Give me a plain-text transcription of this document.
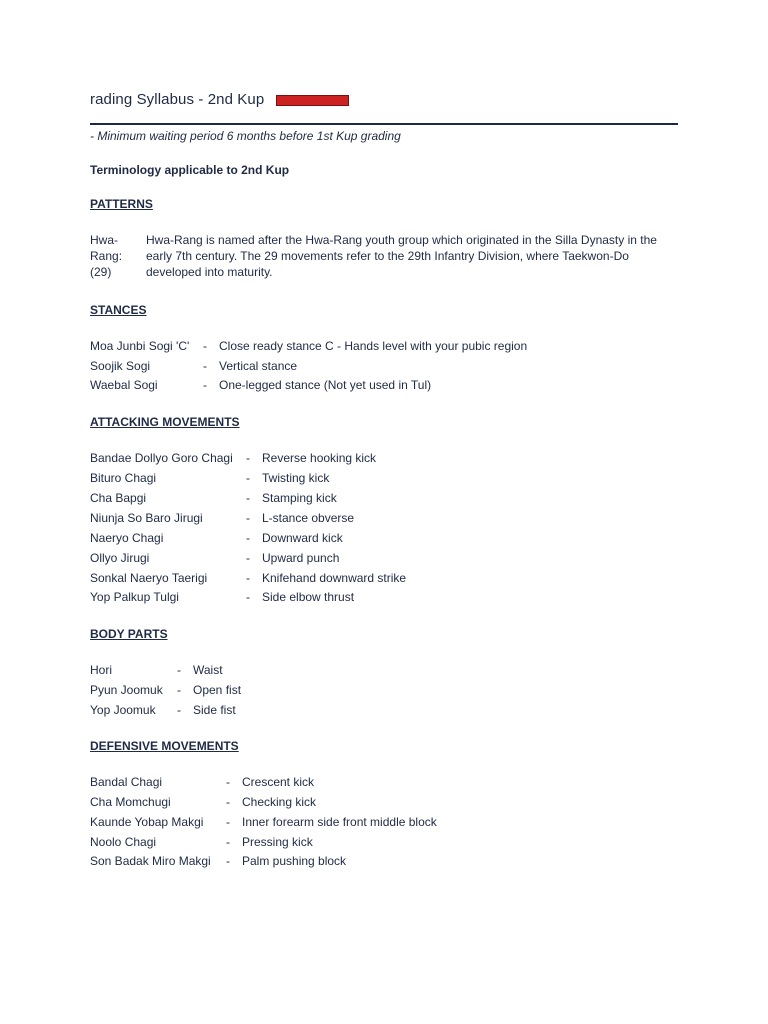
rading Syllabus - 2nd Kup
- Minimum waiting period 6 months before 1st Kup grading
Terminology applicable to 2nd Kup
PATTERNS
Hwa-Rang: (29)
Hwa-Rang is named after the Hwa-Rang youth group which originated in the Silla Dynasty in the early 7th century. The 29 movements refer to the 29th Infantry Division, where Taekwon-Do developed into maturity.
STANCES
Moa Junbi Sogi 'C' - Close ready stance C - Hands level with your pubic region
Soojik Sogi	- Vertical stance
Waebal Sogi	- One-legged stance (Not yet used in Tul)
ATTACKING MOVEMENTS
Bandae Dollyo Goro Chagi - Reverse hooking kick
Bituro Chagi	- Twisting kick
Cha Bapgi	- Stamping kick
Niunja So Baro Jirugi	- L-stance obverse
Naeryo Chagi	- Downward kick
Ollyo Jirugi	- Upward punch
Sonkal Naeryo Taerigi	- Knifehand downward strike
Yop Palkup Tulgi	- Side elbow thrust
BODY PARTS
Hori	- Waist
Pyun Joomuk - Open fist
Yop Joomuk - Side fist
DEFENSIVE MOVEMENTS
Bandal Chagi	- Crescent kick
Cha Momchugi	- Checking kick
Kaunde Yobap Makgi - Inner forearm side front middle block
Noolo Chagi	- Pressing kick
Son Badak Miro Makgi - Palm pushing block
